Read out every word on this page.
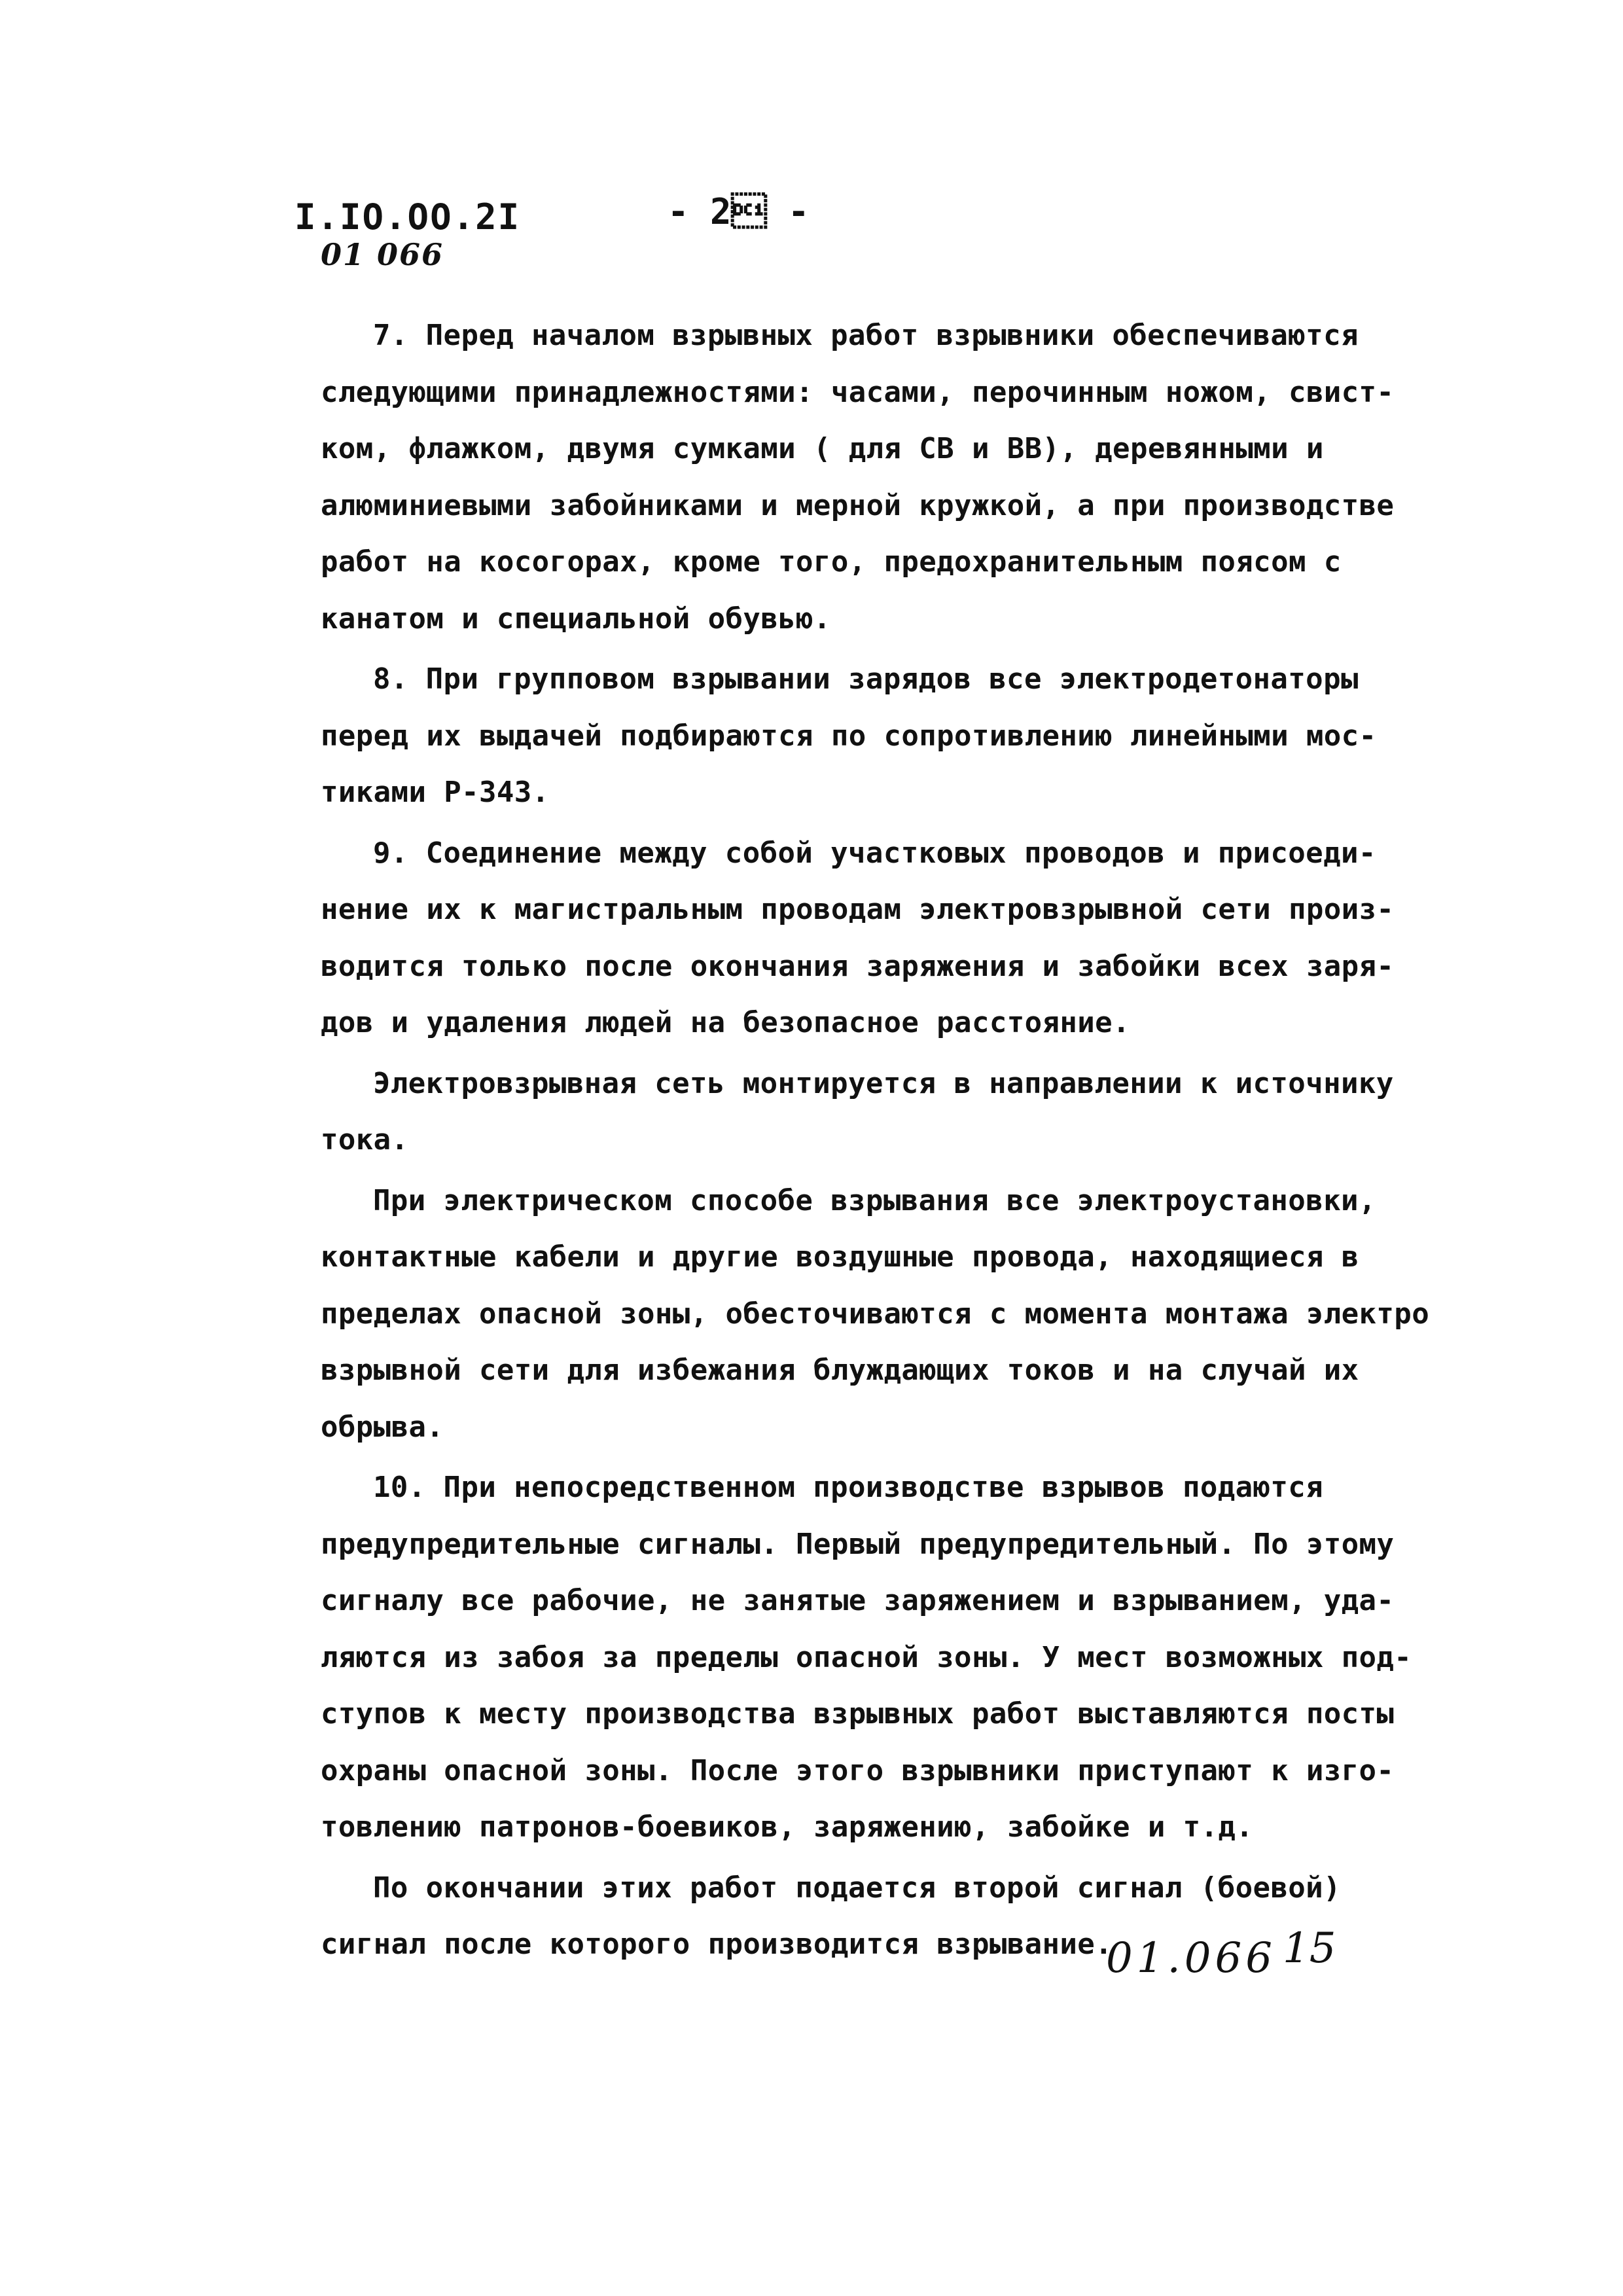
I.IO.OO.2I	- 2 -
01 066
7. Перед началом взрывных работ взрывники обеспечиваются
следующими принадлежностями: часами, перочинным ножом, свист-
ком, флажком, двумя сумками ( для СВ и ВВ), деревянными и
алюминиевыми забойниками и мерной кружкой, а при производстве
работ на косогорах, кроме того, предохранительным поясом с
канатом и специальной обувью.
8. При групповом взрывании зарядов все электродетонаторы
перед их выдачей подбираются по сопротивлению линейными мос-
тиками Р-343.
9. Соединение между собой участковых проводов и присоеди-
нение их к магистральным проводам электровзрывной сети произ-
водится только после окончания заряжения и забойки всех заря-
дов и удаления людей на безопасное расстояние.
Электровзрывная сеть монтируется в направлении к источнику
тока.
При электрическом способе взрывания все электроустановки,
контактные кабели и другие воздушные провода, находящиеся в
пределах опасной зоны, обесточиваются с момента монтажа электро
взрывной сети для избежания блуждающих токов и на случай их
обрыва.
10. При непосредственном производстве взрывов подаются
предупредительные сигналы. Первый предупредительный. По этому
сигналу все рабочие, не занятые заряжением и взрыванием, уда-
ляются из забоя за пределы опасной зоны. У мест возможных под-
ступов к месту производства взрывных работ выставляются посты
охраны опасной зоны. После этого взрывники приступают к изго-
товлению патронов-боевиков, заряжению, забойке и т.д.
По окончании этих работ подается второй сигнал (боевой)
сигнал после которого производится взрывание.
01.066 15
